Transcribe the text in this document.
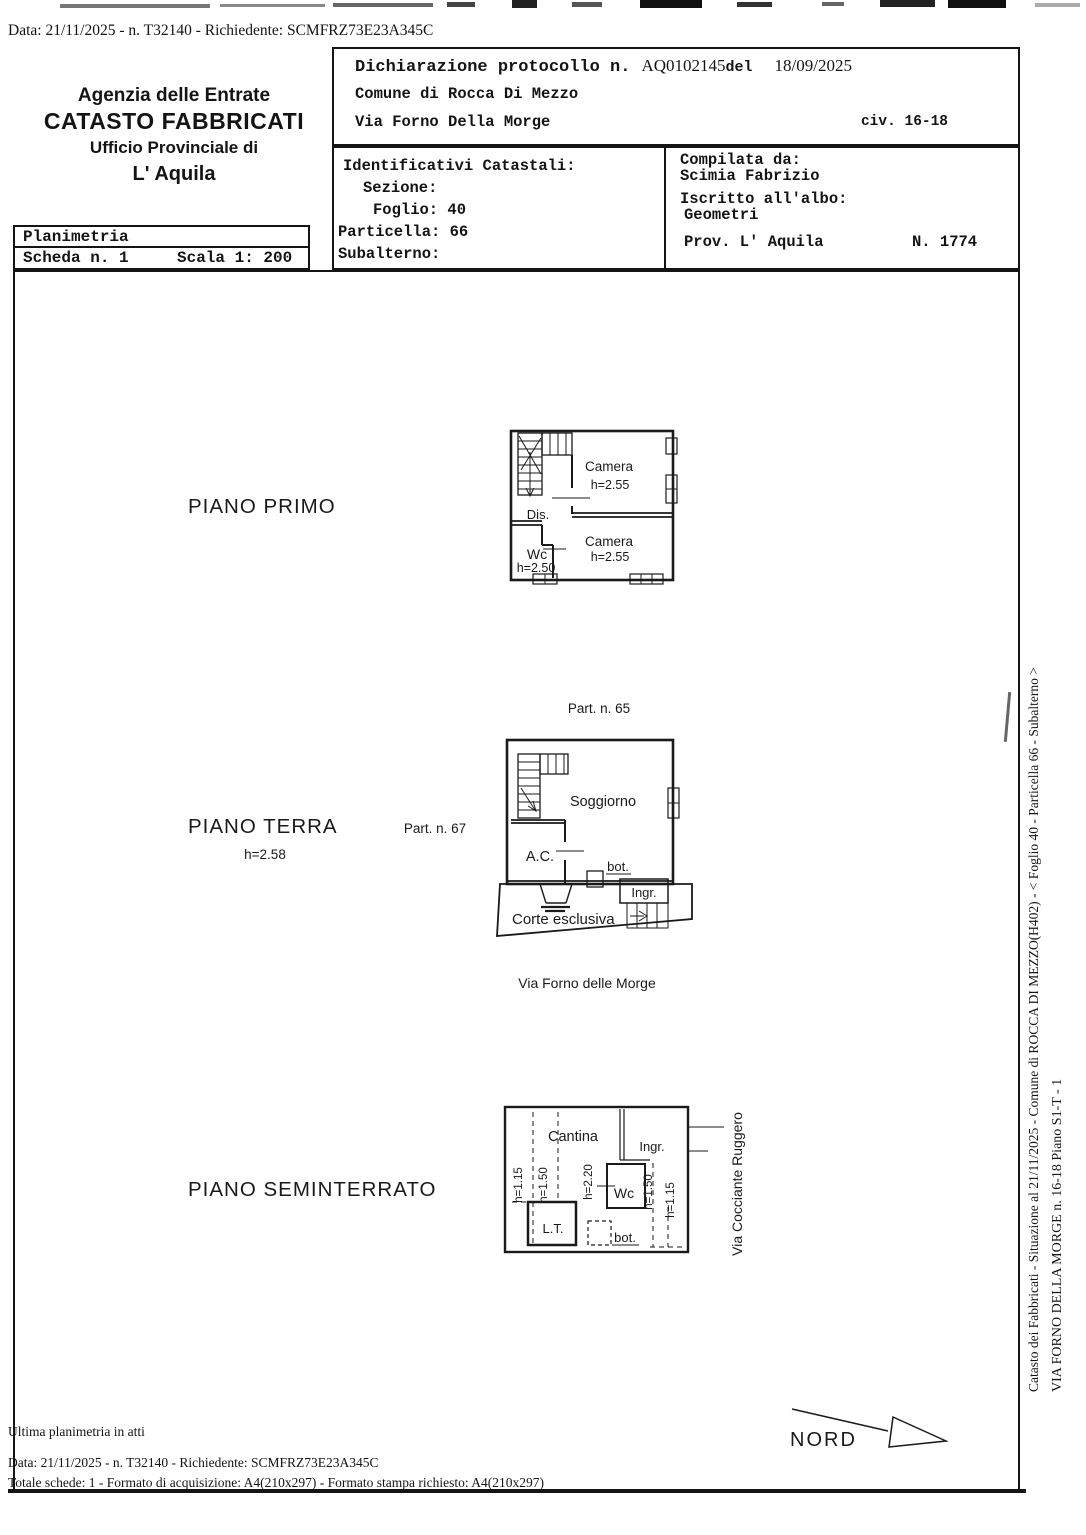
Data: 21/11/2025 - n. T32140 - Richiedente: SCMFRZ73E23A345C
Agenzia delle Entrate
CATASTO FABBRICATI
Ufficio Provinciale di
L' Aquila
Planimetria
Scheda n. 1	Scala 1: 200
Dichiarazione protocollo n. AQ0102145del 18/09/2025
Comune di Rocca Di Mezzo
Via Forno Della Morge	civ. 16-18
Identificativi Catastali:
Sezione:
Foglio: 40
Particella: 66
Subalterno:
Compilata da:
Scimia Fabrizio
Iscritto all'albo:
Geometri
Prov. L' Aquila	N. 1774
PIANO PRIMO
Camera
h=2.55
Dis.
Wc
h=2.50
Camera
h=2.55
Part. n. 65
PIANO TERRA
h=2.58
Part. n. 67
bot.
Ingr.
Soggiorno
A.C.
Corte esclusiva
Via Forno delle Morge
PIANO SEMINTERRATO
Cantina
Ingr.
Wc
L.T.
bot.
h=1.15 h=1.50	h=2.20	h=1.50 h=1.15	Via Cocciante Ruggero
NORD
Catasto dei Fabbricati - Situazione al 21/11/2025 - Comune di ROCCA DI MEZZO(H402) - < Foglio 40 - Particella 66 - Subalterno > VIA FORNO DELLA MORGE n. 16-18 Piano S1-T - 1
Ultima planimetria in atti
Data: 21/11/2025 - n. T32140 - Richiedente: SCMFRZ73E23A345C
Totale schede: 1 - Formato di acquisizione: A4(210x297) - Formato stampa richiesto: A4(210x297)
